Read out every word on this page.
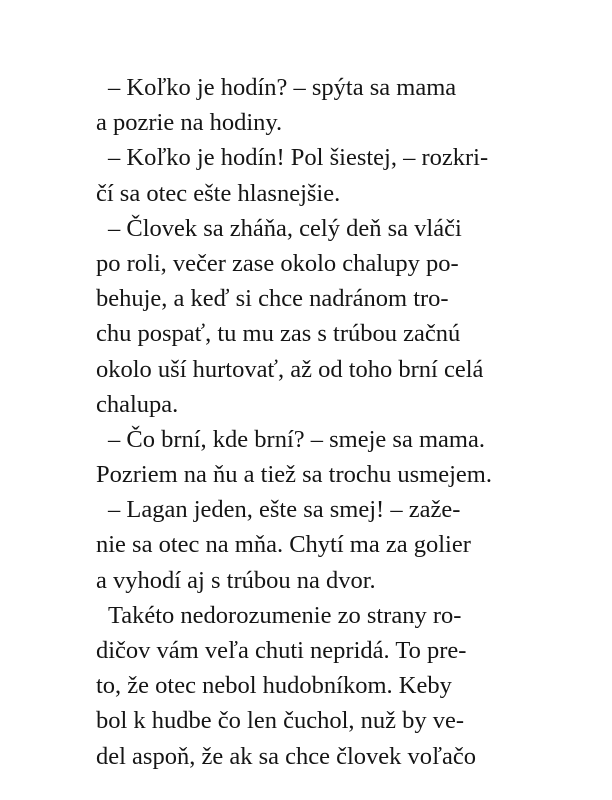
– Koľko je hodín? – spýta sa mama
a pozrie na hodiny.
– Koľko je hodín! Pol šiestej, – rozkri-
čí sa otec ešte hlasnejšie.
– Človek sa zháňa, celý deň sa vláči
po roli, večer zase okolo chalupy po-
behuje, a keď si chce nadránom tro-
chu pospať, tu mu zas s trúbou začnú
okolo uší hurtovať, až od toho brní celá
chalupa.
– Čo brní, kde brní? – smeje sa mama.
Pozriem na ňu a tiež sa trochu usmejem.
– Lagan jeden, ešte sa smej! – zaže-
nie sa otec na mňa. Chytí ma za golier
a vyhodí aj s trúbou na dvor.
Takéto nedorozumenie zo strany ro-
dičov vám veľa chuti nepridá. To pre-
to, že otec nebol hudobníkom. Keby
bol k hudbe čo len čuchol, nuž by ve-
del aspoň, že ak sa chce človek voľačo
